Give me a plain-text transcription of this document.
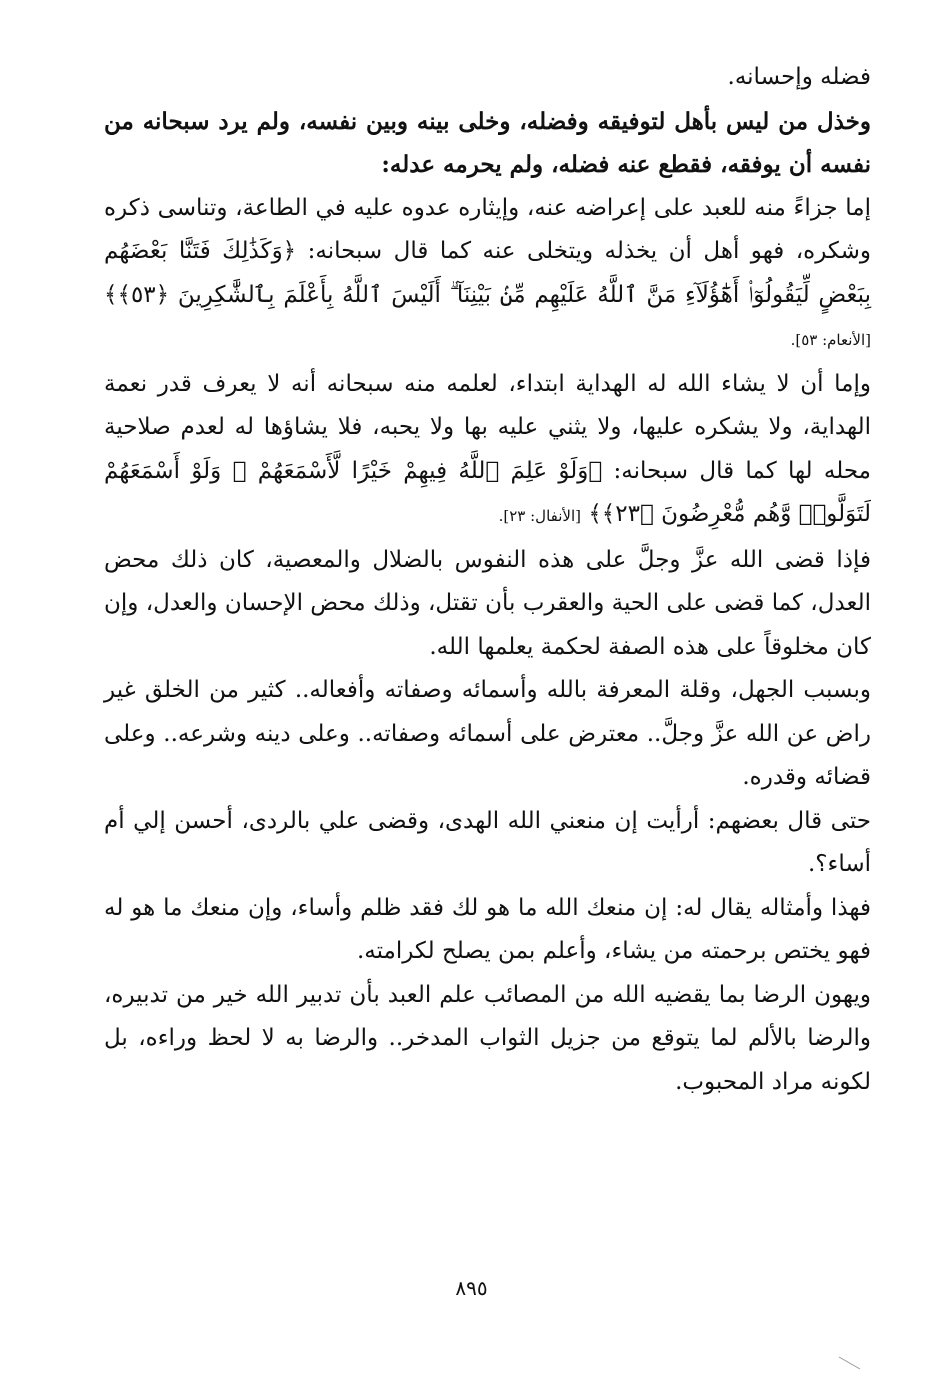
فضله وإحسانه.

وخذل من ليس بأهل لتوفيقه وفضله، وخلى بينه وبين نفسه، ولم يرد سبحانه من نفسه أن يوفقه، فقطع عنه فضله، ولم يحرمه عدله:

إما جزاءً منه للعبد على إعراضه عنه، وإيثاره عدوه عليه في الطاعة، وتناسى ذكره وشكره، فهو أهل أن يخذله ويتخلى عنه كما قال سبحانه: ﴿وَكَذَٰلِكَ فَتَنَّا بَعْضَهُم بِبَعْضٍ لِّيَقُولُوٓا۟ أَهَٰٓؤُلَآءِ مَنَّ ٱللَّهُ عَلَيْهِم مِّنۢ بَيْنِنَآ ۗ أَلَيْسَ ٱللَّهُ بِأَعْلَمَ بِٱلشَّٰكِرِينَ ﴿٥٣﴾﴾ [الأنعام: ٥٣].

وإما أن لا يشاء الله له الهداية ابتداء، لعلمه منه سبحانه أنه لا يعرف قدر نعمة الهداية، ولا يشكره عليها، ولا يثني عليه بها ولا يحبه، فلا يشاؤها له لعدم صلاحية محله لها كما قال سبحانه: ﴿وَلَوْ عَلِمَ ٱللَّهُ فِيهِمْ خَيْرًا لَّأَسْمَعَهُمْ ۖ وَلَوْ أَسْمَعَهُمْ لَتَوَلَّوا۟ وَّهُم مُّعْرِضُونَ ﴿٢٣﴾﴾ [الأنفال: ٢٣].

فإذا قضى الله عزَّ وجلَّ على هذه النفوس بالضلال والمعصية، كان ذلك محض العدل، كما قضى على الحية والعقرب بأن تقتل، وذلك محض الإحسان والعدل، وإن كان مخلوقاً على هذه الصفة لحكمة يعلمها الله.

وبسبب الجهل، وقلة المعرفة بالله وأسمائه وصفاته وأفعاله.. كثير من الخلق غير راض عن الله عزَّ وجلَّ.. معترض على أسمائه وصفاته.. وعلى دينه وشرعه.. وعلى قضائه وقدره.

حتى قال بعضهم: أرأيت إن منعني الله الهدى، وقضى علي بالردى، أحسن إلي أم أساء؟.

فهذا وأمثاله يقال له: إن منعك الله ما هو لك فقد ظلم وأساء، وإن منعك ما هو له فهو يختص برحمته من يشاء، وأعلم بمن يصلح لكرامته.

ويهون الرضا بما يقضيه الله من المصائب علم العبد بأن تدبير الله خير من تدبيره، والرضا بالألم لما يتوقع من جزيل الثواب المدخر.. والرضا به لا لحظ وراءه، بل لكونه مراد المحبوب.

٨٩٥
